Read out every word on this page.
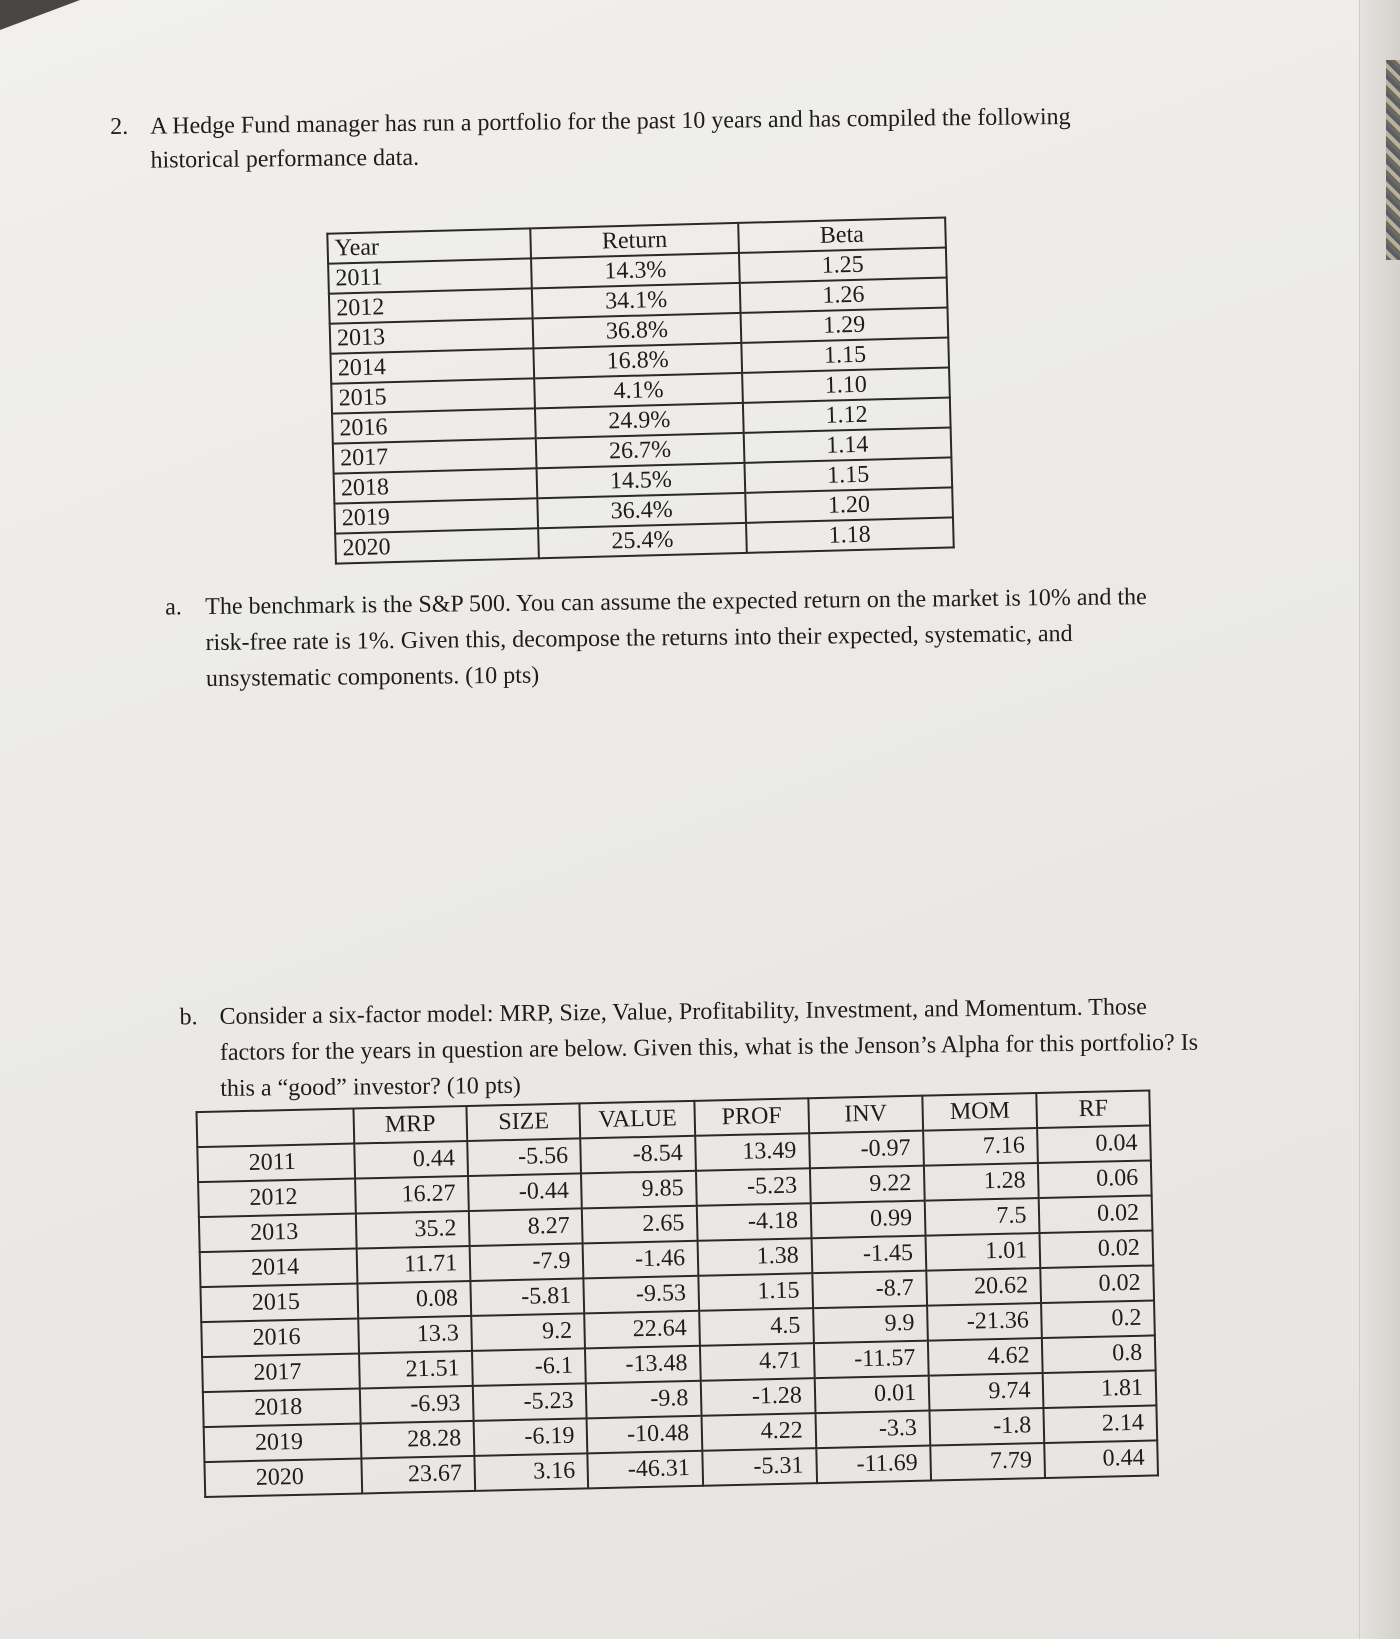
2. A Hedge Fund manager has run a portfolio for the past 10 years and has compiled the following historical performance data.
Year	Return	Beta
2011	14.3%	1.25
2012	34.1%	1.26
2013	36.8%	1.29
2014	16.8%	1.15
2015	4.1%	1.10
2016	24.9%	1.12
2017	26.7%	1.14
2018	14.5%	1.15
2019	36.4%	1.20
2020	25.4%	1.18
a. The benchmark is the S&P 500. You can assume the expected return on the market is 10% and the risk-free rate is 1%. Given this, decompose the returns into their expected, systematic, and unsystematic components. (10 pts)
b. Consider a six-factor model: MRP, Size, Value, Profitability, Investment, and Momentum. Those factors for the years in question are below. Given this, what is the Jenson’s Alpha for this portfolio? Is this a “good” investor? (10 pts)
	MRP	SIZE	VALUE	PROF	INV	MOM	RF
2011	0.44	-5.56	-8.54	13.49	-0.97	7.16	0.04
2012	16.27	-0.44	9.85	-5.23	9.22	1.28	0.06
2013	35.2	8.27	2.65	-4.18	0.99	7.5	0.02
2014	11.71	-7.9	-1.46	1.38	-1.45	1.01	0.02
2015	0.08	-5.81	-9.53	1.15	-8.7	20.62	0.02
2016	13.3	9.2	22.64	4.5	9.9	-21.36	0.2
2017	21.51	-6.1	-13.48	4.71	-11.57	4.62	0.8
2018	-6.93	-5.23	-9.8	-1.28	0.01	9.74	1.81
2019	28.28	-6.19	-10.48	4.22	-3.3	-1.8	2.14
2020	23.67	3.16	-46.31	-5.31	-11.69	7.79	0.44
